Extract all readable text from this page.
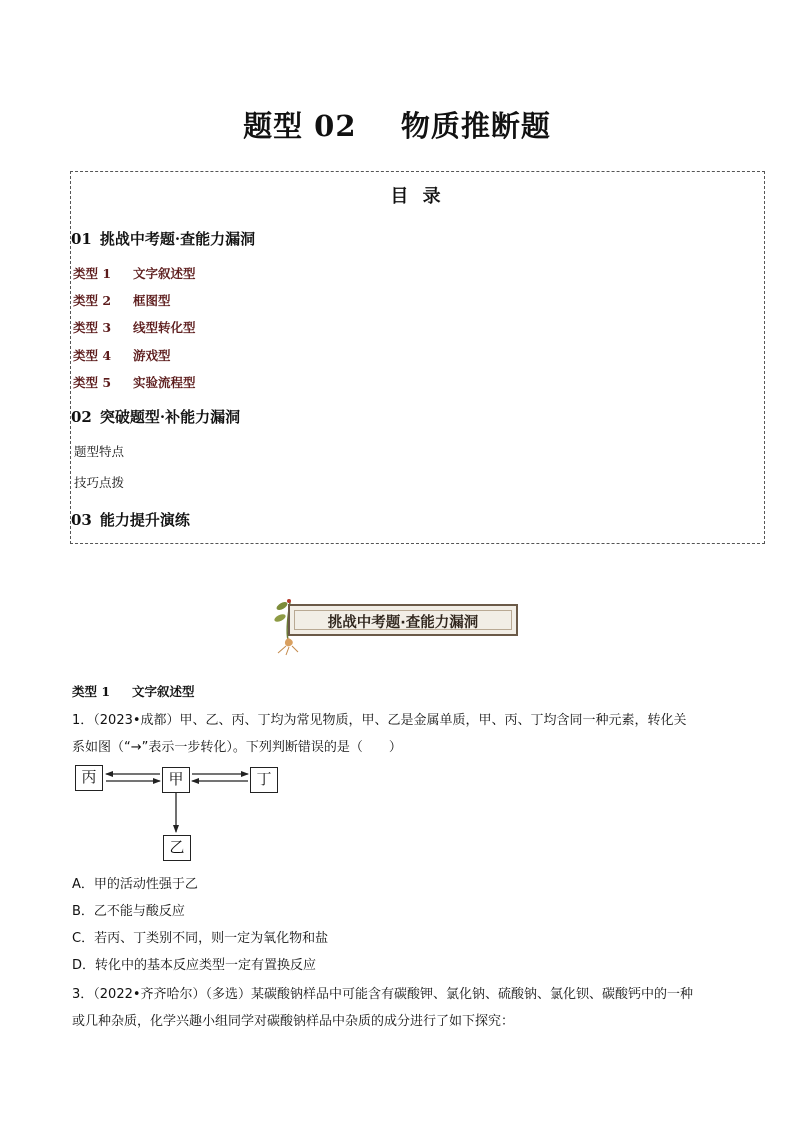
题型 02    物质推断题
目 录
01 挑战中考题·查能力漏洞
类型 1 文字叙述型
类型 2 框图型
类型 3 线型转化型
类型 4 游戏型
类型 5 实验流程型
02 突破题型·补能力漏洞
题型特点
技巧点拨
03 能力提升演练
挑战中考题·查能力漏洞
类型 1 文字叙述型
1．（2023•成都）甲、乙、丙、丁均为常见物质，甲、乙是金属单质，甲、丙、丁均含同一种元素，转化关
系如图（“→”表示一步转化）。下列判断错误的是（　　）
丙	甲	丁
乙
A．甲的活动性强于乙
B．乙不能与酸反应
C．若丙、丁类别不同，则一定为氧化物和盐
D．转化中的基本反应类型一定有置换反应
3．（2022•齐齐哈尔）（多选）某碳酸钠样品中可能含有碳酸钾、氯化钠、硫酸钠、氯化钡、碳酸钙中的一种
或几种杂质，化学兴趣小组同学对碳酸钠样品中杂质的成分进行了如下探究：
